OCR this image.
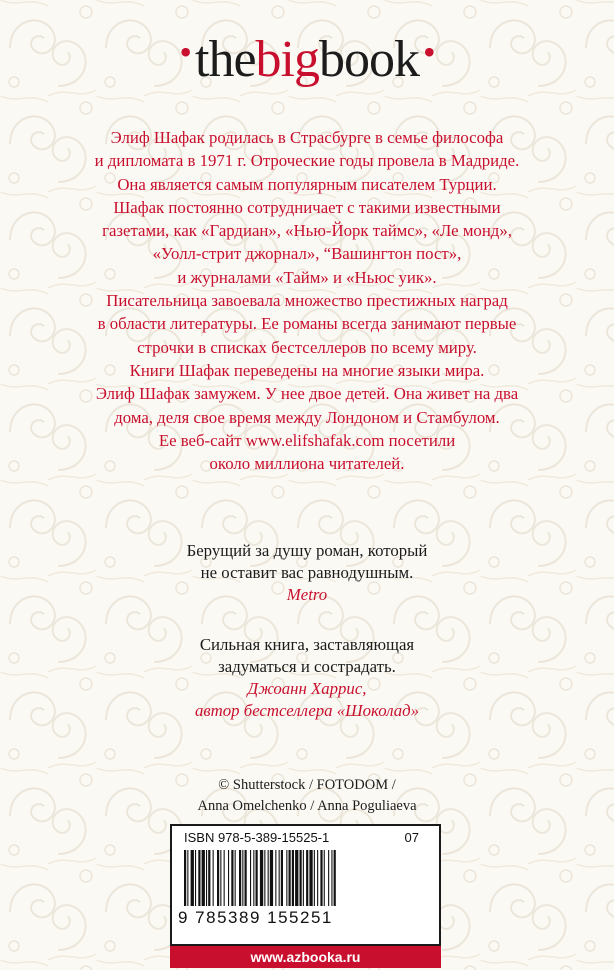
•thebigbook •
Элиф Шафак родилась в Страсбурге в семье философа
и дипломата в 1971 г. Отроческие годы провела в Мадриде.
Она является самым популярным писателем Турции.
Шафак постоянно сотрудничает с такими известными
газетами, как «Гардиан», «Нью-Йорк таймс», «Ле монд»,
«Уолл-стрит джорнал», “Вашингтон пост»,
и журналами «Тайм» и «Ньюс уик».
Писательница завоевала множество престижных наград
в области литературы. Ее романы всегда занимают первые
строчки в списках бестселлеров по всему миру.
Книги Шафак переведены на многие языки мира.
Элиф Шафак замужем. У нее двое детей. Она живет на два
дома, деля свое время между Лондоном и Стамбулом.
Ее веб-сайт www.elifshafak.com посетили
около миллиона читателей.
Берущий за душу роман, который
не оставит вас равнодушным.
Metro
Сильная книга, заставляющая
задуматься и сострадать.
Джоанн Харрис,
автор бестселлера «Шоколад»
© Shutterstock / FOTODOM /
Anna Omelchenko / Anna Poguliaeva
ISBN 978-5-389-15525-1	07
9 785389 155251
www.azbooka.ru
